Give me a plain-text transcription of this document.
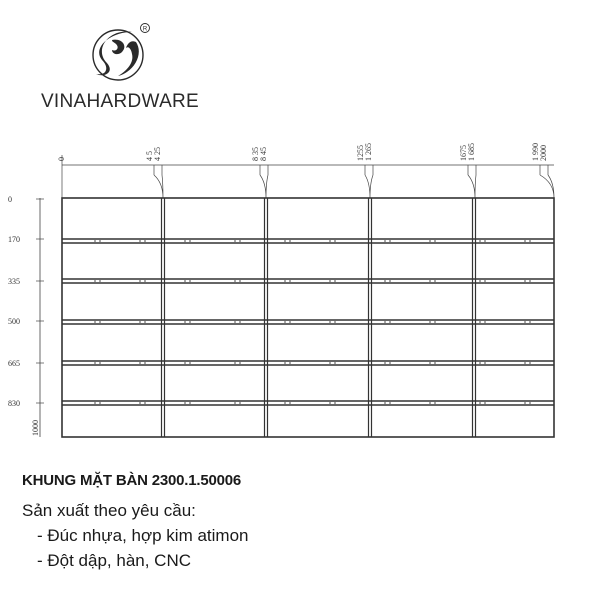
R
VINAHARDWARE
0	4 5 4 25	8 35 8 45	1255 1 265	1675 1 685	1 990 2000
0
170
335
500
665
830
1000
KHUNG MẶT BÀN 2300.1.50006
Sản xuất theo yêu cầu:
- Đúc nhựa, hợp kim atimon
- Đột dập, hàn, CNC
